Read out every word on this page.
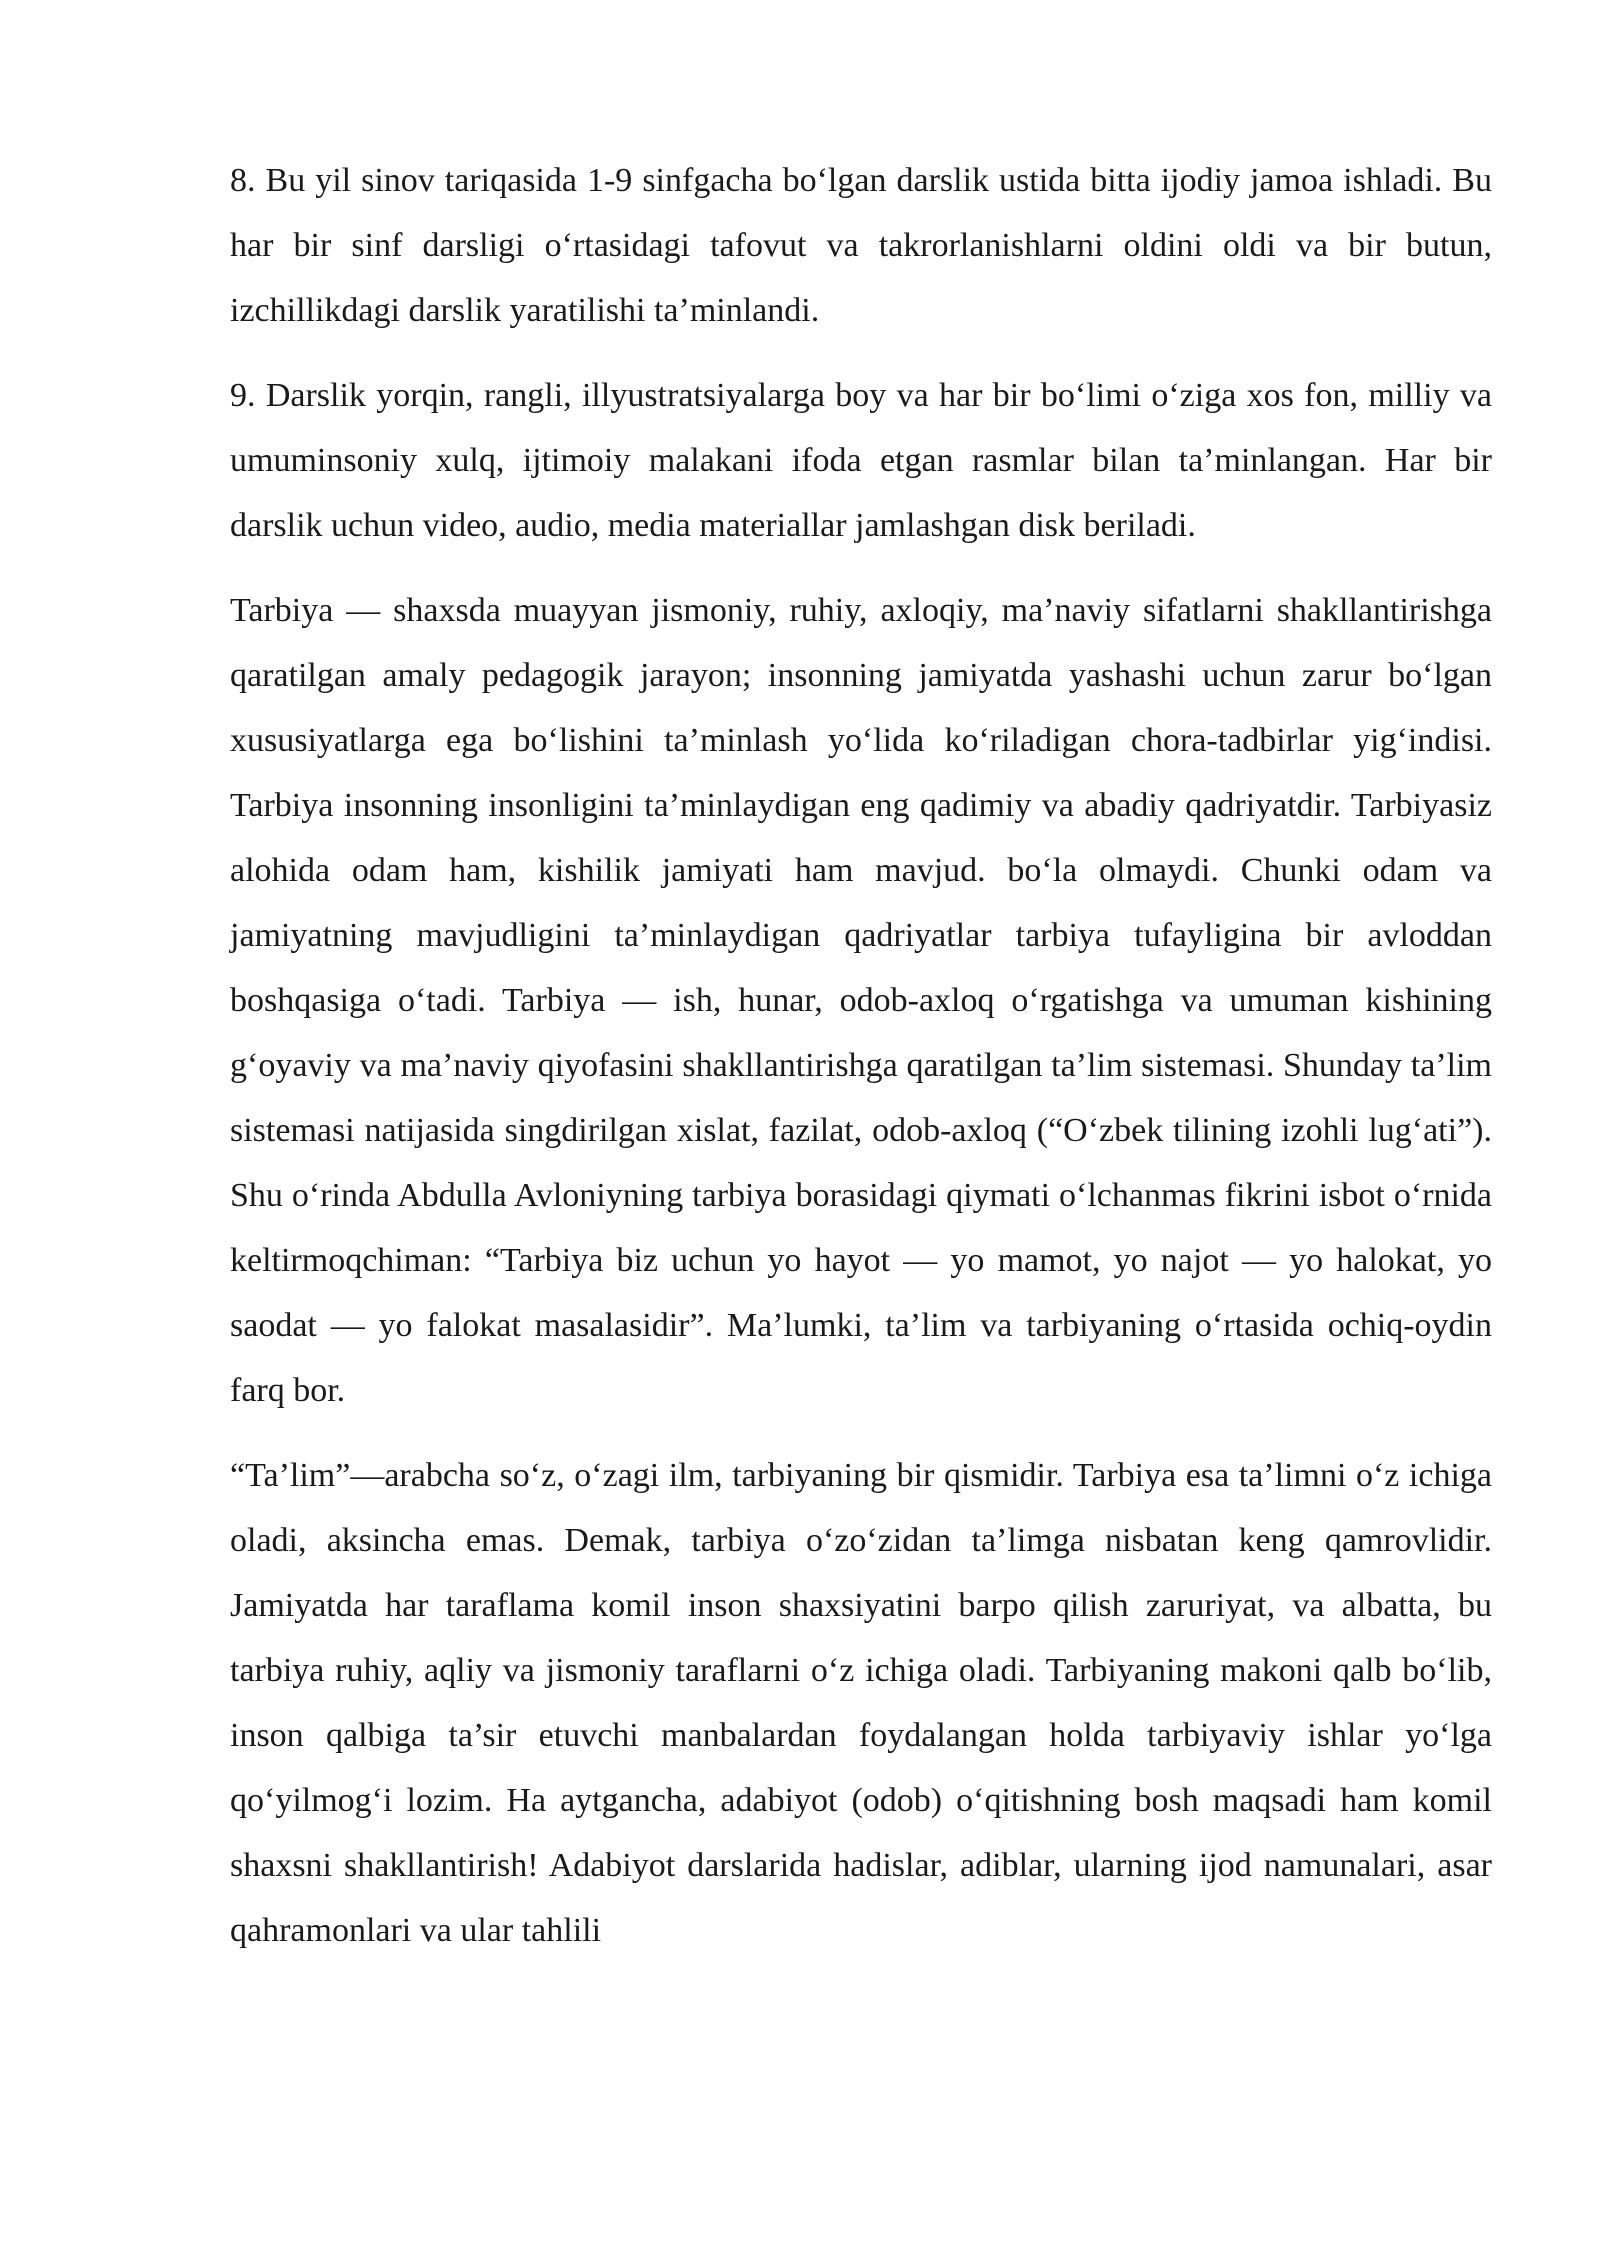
8. Bu yil sinov tariqasida 1-9 sinfgacha bo‘lgan darslik ustida bitta ijodiy jamoa ishladi. Bu har bir sinf darsligi o‘rtasidagi tafovut va takrorlanishlarni oldini oldi va bir butun, izchillikdagi darslik yaratilishi ta’minlandi.

9. Darslik yorqin, rangli, illyustratsiyalarga boy va har bir bo‘limi o‘ziga xos fon, milliy va umuminsoniy xulq, ijtimoiy malakani ifoda etgan rasmlar bilan ta’minlangan. Har bir darslik uchun video, audio, media materiallar jamlashgan disk beriladi.

Tarbiya — shaxsda muayyan jismoniy, ruhiy, axloqiy, ma’naviy sifatlarni shakllantirishga qaratilgan amaly pedagogik jarayon; insonning jamiyatda yashashi uchun zarur bo‘lgan xususiyatlarga ega bo‘lishini ta’minlash yo‘lida ko‘riladigan chora-tadbirlar yig‘indisi. Tarbiya insonning insonligini ta’minlaydigan eng qadimiy va abadiy qadriyatdir. Tarbiyasiz alohida odam ham, kishilik jamiyati ham mavjud. bo‘la olmaydi. Chunki odam va jamiyatning mavjudligini ta’minlaydigan qadriyatlar tarbiya tufayligina bir avloddan boshqasiga o‘tadi. Tarbiya — ish, hunar, odob-axloq o‘rgatishga va umuman kishining g‘oyaviy va ma’naviy qiyofasini shakllantirishga qaratilgan ta’lim sistemasi. Shunday ta’lim sistemasi natijasida singdirilgan xislat, fazilat, odob-axloq (“O‘zbek tilining izohli lug‘ati”). Shu o‘rinda Abdulla Avloniyning tarbiya borasidagi qiymati o‘lchanmas fikrini isbot o‘rnida keltirmoqchiman: “Tarbiya biz uchun yo hayot — yo mamot, yo najot — yo halokat, yo saodat — yo falokat masalasidir”. Ma’lumki, ta’lim va tarbiyaning o‘rtasida ochiq-oydin farq bor.

“Ta’lim”—arabcha so‘z, o‘zagi ilm, tarbiyaning bir qismidir. Tarbiya esa ta’limni o‘z ichiga oladi, aksincha emas. Demak, tarbiya o‘zo‘zidan ta’limga nisbatan keng qamrovlidir. Jamiyatda har taraflama komil inson shaxsiyatini barpo qilish zaruriyat, va albatta, bu tarbiya ruhiy, aqliy va jismoniy taraflarni o‘z ichiga oladi. Tarbiyaning makoni qalb bo‘lib, inson qalbiga ta’sir etuvchi manbalardan foydalangan holda tarbiyaviy ishlar yo‘lga qo‘yilmog‘i lozim. Ha aytgancha, adabiyot (odob) o‘qitishning bosh maqsadi ham komil shaxsni shakllantirish! Adabiyot darslarida hadislar, adiblar, ularning ijod namunalari, asar qahramonlari va ular tahlili
